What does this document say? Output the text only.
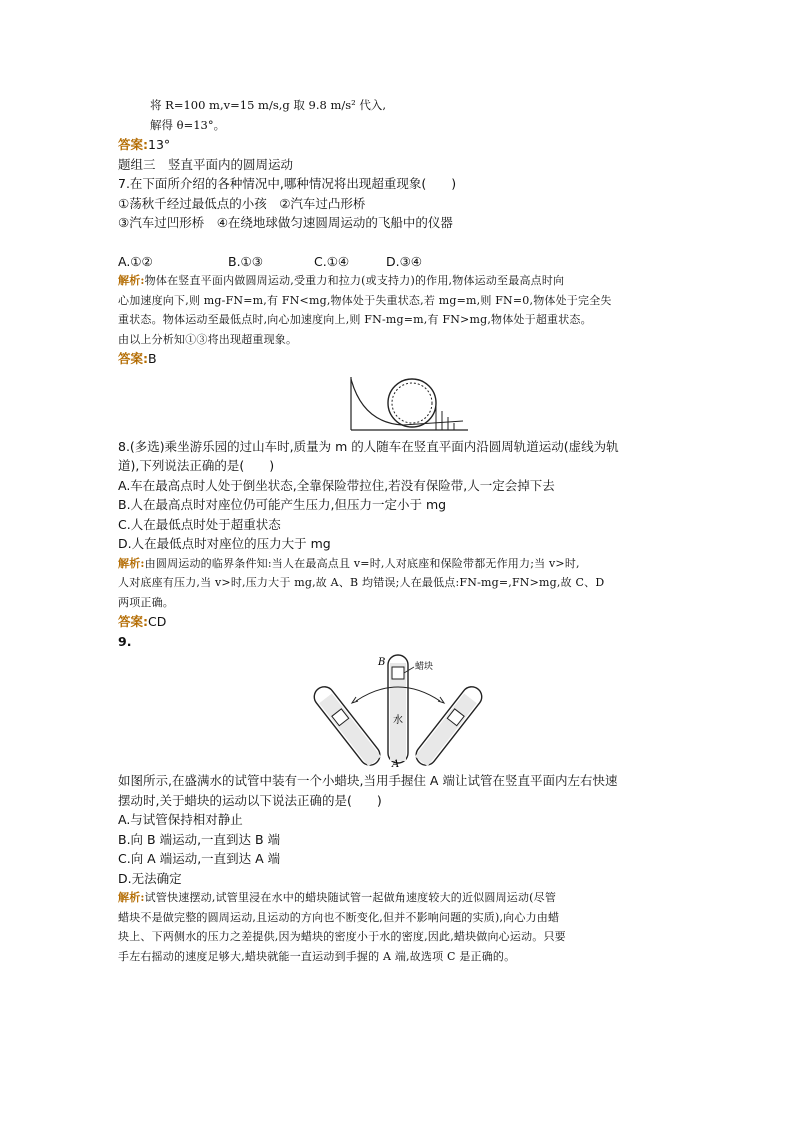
将 R=100 m,v=15 m/s,g 取 9.8 m/s² 代入,
解得 θ=13°。
答案:13°
题组三　竖直平面内的圆周运动
7.在下面所介绍的各种情况中,哪种情况将出现超重现象(　　)
①荡秋千经过最低点的小孩　②汽车过凸形桥
③汽车过凹形桥　④在绕地球做匀速圆周运动的飞船中的仪器
A.①②	B.①③	C.①④	D.③④
解析:物体在竖直平面内做圆周运动,受重力和拉力(或支持力)的作用,物体运动至最高点时向
心加速度向下,则 mg-FN=m,有 FN<mg,物体处于失重状态,若 mg=m,则 FN=0,物体处于完全失
重状态。物体运动至最低点时,向心加速度向上,则 FN-mg=m,有 FN>mg,物体处于超重状态。
由以上分析知①③将出现超重现象。
答案:B
8.(多选)乘坐游乐园的过山车时,质量为 m 的人随车在竖直平面内沿圆周轨道运动(虚线为轨
道),下列说法正确的是(　　)
A.车在最高点时人处于倒坐状态,全靠保险带拉住,若没有保险带,人一定会掉下去
B.人在最高点时对座位仍可能产生压力,但压力一定小于 mg
C.人在最低点时处于超重状态
D.人在最低点时对座位的压力大于 mg
解析:由圆周运动的临界条件知:当人在最高点且 v=时,人对底座和保险带都无作用力;当 v>时,
人对底座有压力,当 v>时,压力大于 mg,故 A、B 均错误;人在最低点:FN-mg=,FN>mg,故 C、D
两项正确。
答案:CD
9.
B
A
蜡块
水
如图所示,在盛满水的试管中装有一个小蜡块,当用手握住 A 端让试管在竖直平面内左右快速
摆动时,关于蜡块的运动以下说法正确的是(　　)
A.与试管保持相对静止
B.向 B 端运动,一直到达 B 端
C.向 A 端运动,一直到达 A 端
D.无法确定
解析:试管快速摆动,试管里浸在水中的蜡块随试管一起做角速度较大的近似圆周运动(尽管
蜡块不是做完整的圆周运动,且运动的方向也不断变化,但并不影响问题的实质),向心力由蜡
块上、下两侧水的压力之差提供,因为蜡块的密度小于水的密度,因此,蜡块做向心运动。只要
手左右摇动的速度足够大,蜡块就能一直运动到手握的 A 端,故选项 C 是正确的。
